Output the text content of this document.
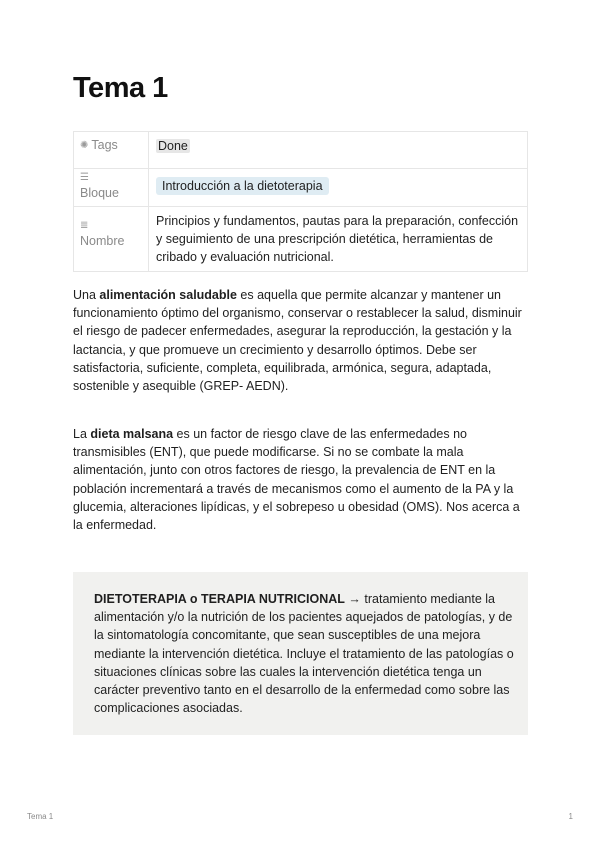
Tema 1
✺ Tags	Done

☰
Bloque	Introducción a la dietoterapia

≣
Nombre	Principios y fundamentos, pautas para la preparación, confección y seguimiento de una prescripción dietética, herramientas de cribado y evaluación nutricional.

Una alimentación saludable es aquella que permite alcanzar y mantener un funcionamiento óptimo del organismo, conservar o restablecer la salud, disminuir el riesgo de padecer enfermedades, asegurar la reproducción, la gestación y la lactancia, y que promueve un crecimiento y desarrollo óptimos. Debe ser satisfactoria, suficiente, completa, equilibrada, armónica, segura, adaptada, sostenible y asequible (GREP- AEDN).

La dieta malsana es un factor de riesgo clave de las enfermedades no transmisibles (ENT), que puede modificarse. Si no se combate la mala alimentación, junto con otros factores de riesgo, la prevalencia de ENT en la población incrementará a través de mecanismos como el aumento de la PA y la glucemia, alteraciones lipídicas, y el sobrepeso u obesidad (OMS). Nos acerca a la enfermedad.

DIETOTERAPIA o TERAPIA NUTRICIONAL → tratamiento mediante la alimentación y/o la nutrición de los pacientes aquejados de patologías, y de la sintomatología concomitante, que sean susceptibles de una mejora mediante la intervención dietética. Incluye el tratamiento de las patologías o situaciones clínicas sobre las cuales la intervención dietética tenga un carácter preventivo tanto en el desarrollo de la enfermedad como sobre las complicaciones asociadas.

Tema 1	1
